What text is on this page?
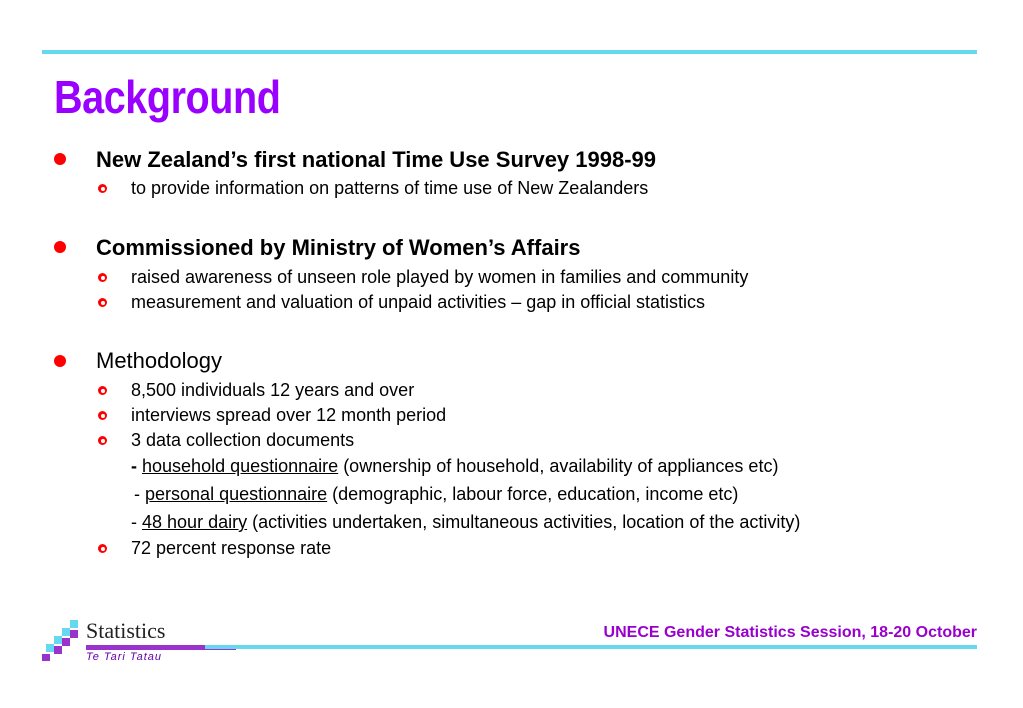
Background
New Zealand’s first national Time Use Survey 1998-99
to provide information on patterns of time use of New Zealanders
Commissioned by Ministry of Women’s Affairs
raised awareness of unseen role played by women in families and community
measurement and valuation of unpaid activities – gap in official statistics
Methodology
8,500 individuals 12 years and over
interviews spread over 12 month period
3 data collection documents
- household questionnaire (ownership of household, availability of appliances etc)
- personal questionnaire (demographic, labour force, education, income etc)
- 48 hour dairy (activities undertaken, simultaneous activities, location of the activity)
72 percent response rate
Statistics
Te Tari Tatau
UNECE Gender Statistics Session, 18-20 October
